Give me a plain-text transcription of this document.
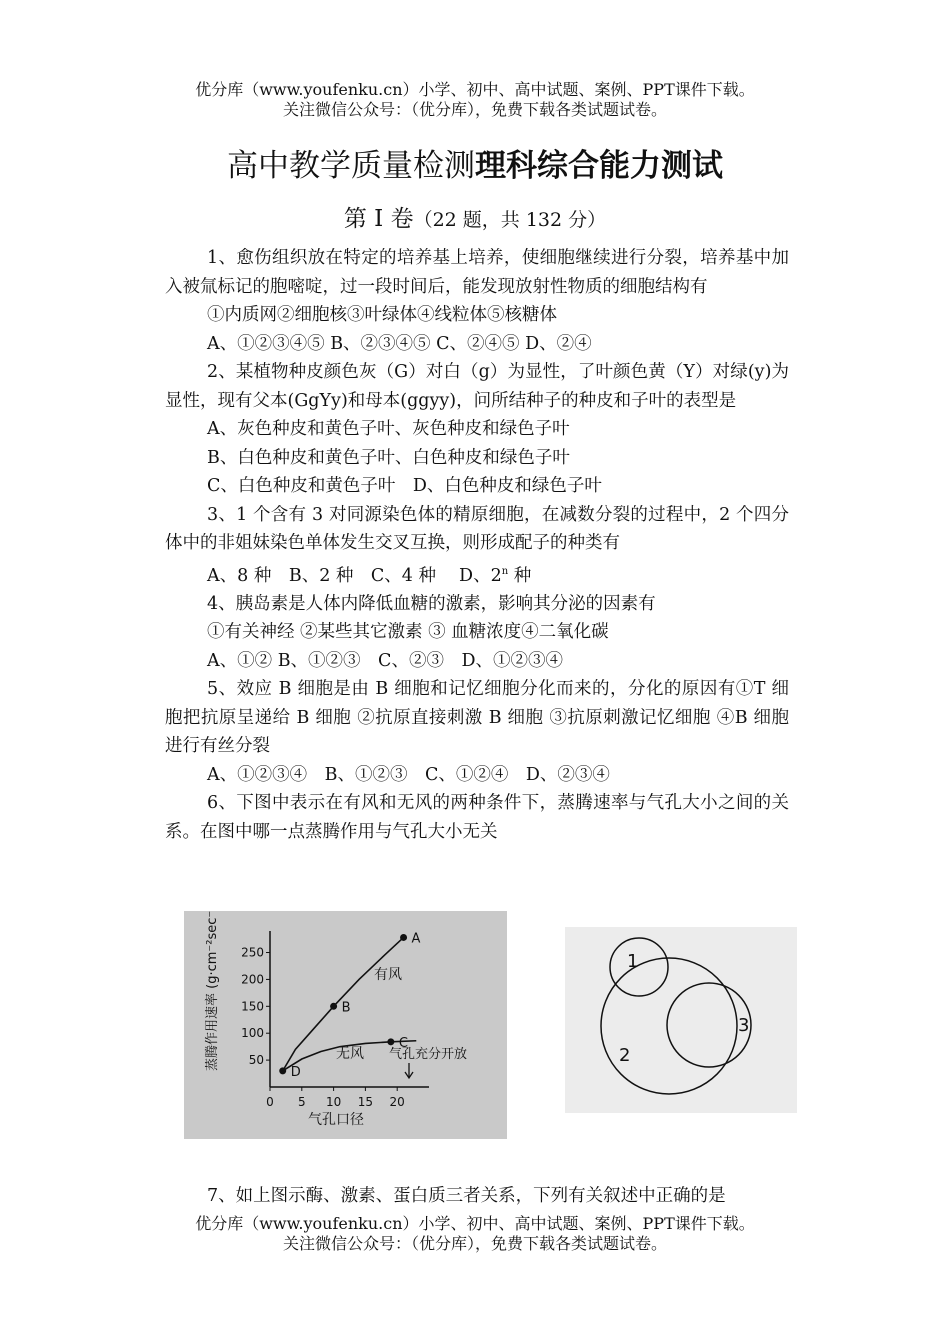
优分库（www.youfenku.cn）小学、初中、高中试题、案例、PPT课件下载。
关注微信公众号：（优分库），免费下载各类试题试卷。
高中教学质量检测理科综合能力测试
第 I 卷（22 题，共 132 分）

1、愈伤组织放在特定的培养基上培养，使细胞继续进行分裂，培养基中加入被氚标记的胞嘧啶，过一段时间后，能发现放射性物质的细胞结构有

①内质网②细胞核③叶绿体④线粒体⑤核糖体

A、①②③④⑤ B、②③④⑤ C、②④⑤ D、②④

2、某植物种皮颜色灰（G）对白（g）为显性，了叶颜色黄（Y）对绿(y)为显性，现有父本(GgYy)和母本(ggyy)，问所结种子的种皮和子叶的表型是

A、灰色种皮和黄色子叶、灰色种皮和绿色子叶

B、白色种皮和黄色子叶、白色种皮和绿色子叶

C、白色种皮和黄色子叶　D、白色种皮和绿色子叶

3、1 个含有 3 对同源染色体的精原细胞，在减数分裂的过程中，2 个四分体中的非姐妹染色单体发生交叉互换，则形成配子的种类有

A、8 种　B、2 种　C、4 种　 D、2$^n$ 种

4、胰岛素是人体内降低血糖的激素，影响其分泌的因素有

①有关神经 ②某些其它激素 ③ 血糖浓度④二氧化碳

A、①② B、①②③　C、②③　D、①②③④

5、效应 B 细胞是由 B 细胞和记忆细胞分化而来的，分化的原因有①T 细胞把抗原呈递给 B 细胞 ②抗原直接刺激 B 细胞 ③抗原刺激记忆细胞 ④B 细胞进行有丝分裂

A、①②③④　B、①②③　C、①②④　D、②③④

6、下图中表示在有风和无风的两种条件下，蒸腾速率与气孔大小之间的关系。在图中哪一点蒸腾作用与气孔大小无关

50
100
150
200
250
0 5 10 15 20
A
B
C
D
蒸腾作用速率 (g·cm⁻²sec⁻¹)
气孔口径
有风
无风 气孔充分开放
1
2
3
7、如上图示酶、激素、蛋白质三者关系，下列有关叙述中正确的是
优分库（www.youfenku.cn）小学、初中、高中试题、案例、PPT课件下载。
关注微信公众号：（优分库），免费下载各类试题试卷。
